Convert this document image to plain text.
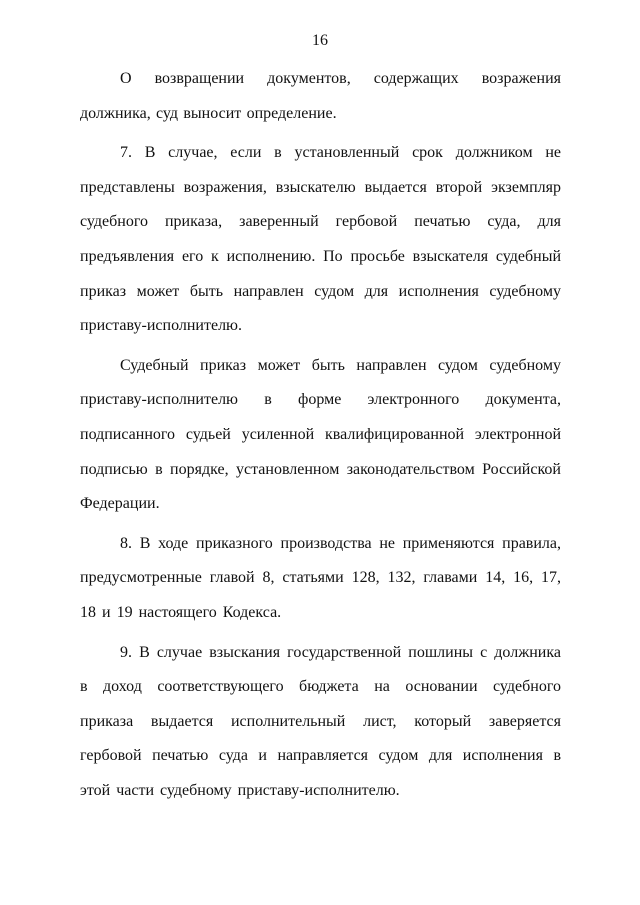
16

О возвращении документов, содержащих возражения должника, суд выносит определение.

7. В случае, если в установленный срок должником не представлены возражения, взыскателю выдается второй экземпляр судебного приказа, заверенный гербовой печатью суда, для предъявления его к исполнению. По просьбе взыскателя судебный приказ может быть направлен судом для исполнения судебному приставу-исполнителю.

Судебный приказ может быть направлен судом судебному приставу-исполнителю в форме электронного документа, подписанного судьей усиленной квалифицированной электронной подписью в порядке, установленном законодательством Российской Федерации.

8. В ходе приказного производства не применяются правила, предусмотренные главой 8, статьями 128, 132, главами 14, 16, 17, 18 и 19 настоящего Кодекса.

9. В случае взыскания государственной пошлины с должника в доход соответствующего бюджета на основании судебного приказа выдается исполнительный лист, который заверяется гербовой печатью суда и направляется судом для исполнения в этой части судебному приставу-исполнителю.
